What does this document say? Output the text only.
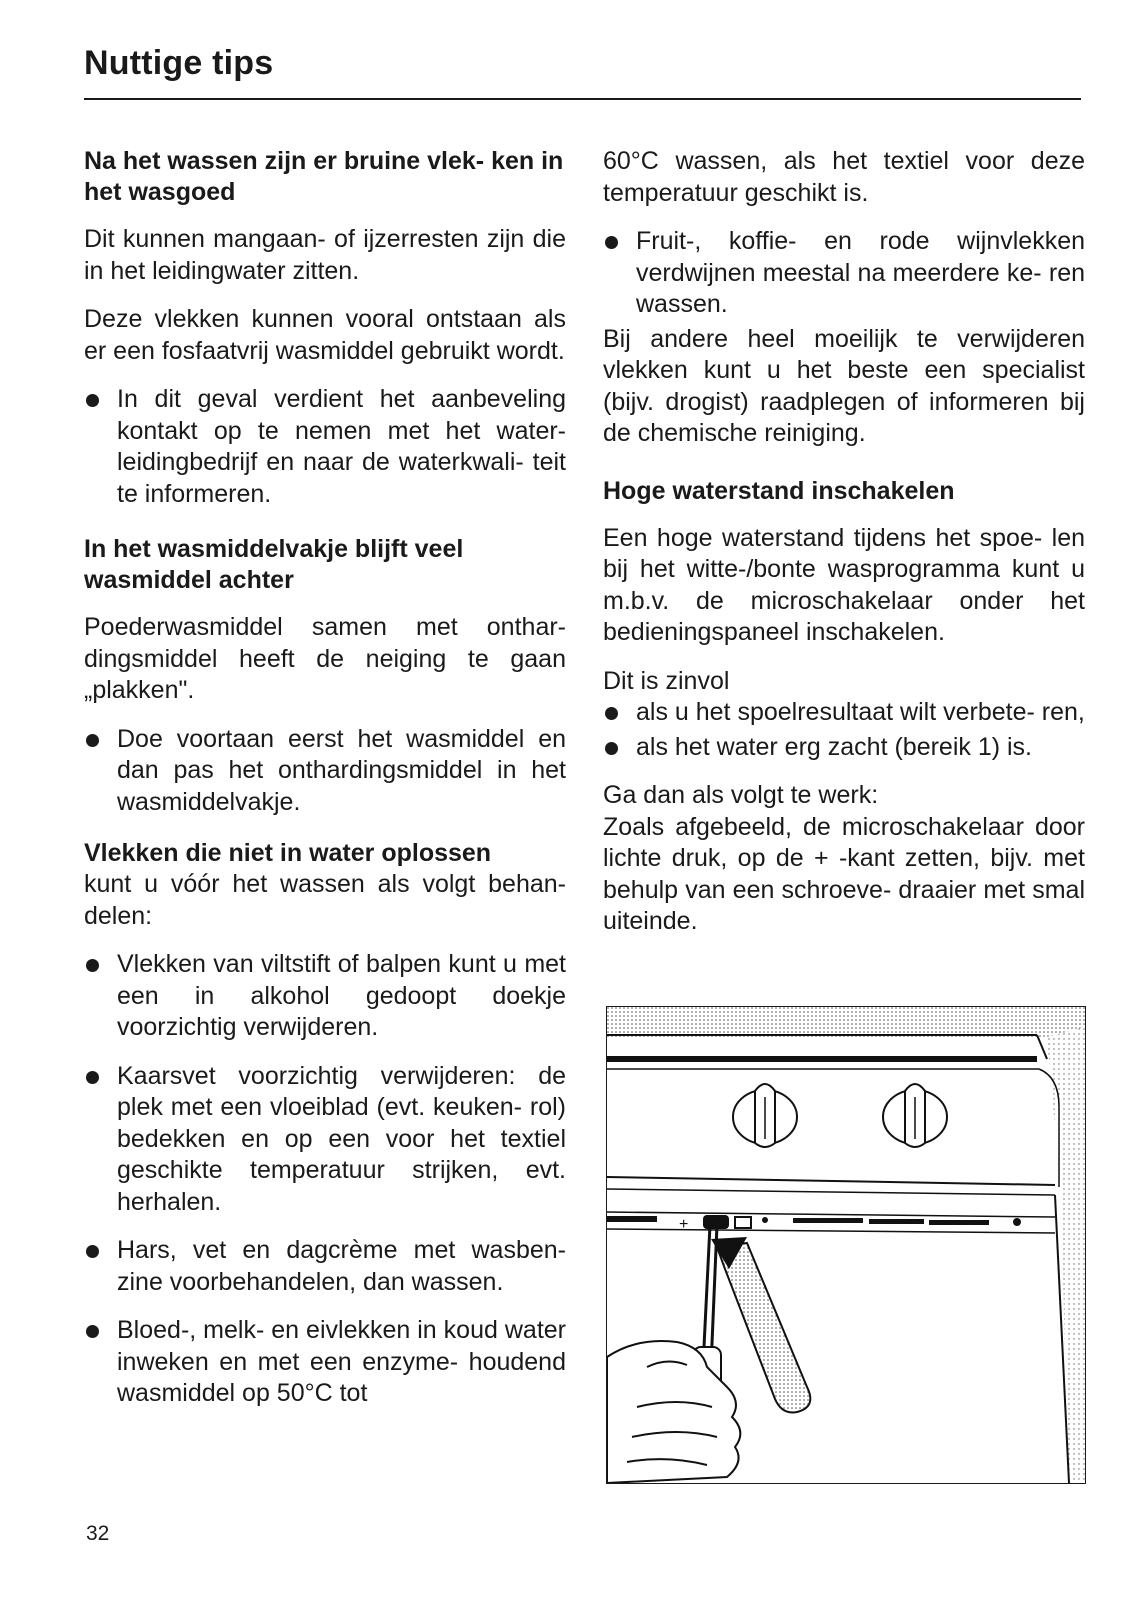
Nuttige tips
Na het wassen zijn er bruine vlek- ken in het wasgoed

Dit kunnen mangaan- of ijzerresten zijn die in het leidingwater zitten.

Deze vlekken kunnen vooral ontstaan als er een fosfaatvrij wasmiddel gebruikt wordt.

In dit geval verdient het aanbeveling kontakt op te nemen met het water- leidingbedrijf en naar de waterkwali- teit te informeren.
In het wasmiddelvakje blijft veel wasmiddel achter

Poederwasmiddel samen met onthar- dingsmiddel heeft de neiging te gaan „plakken".

Doe voortaan eerst het wasmiddel en dan pas het onthardingsmiddel in het wasmiddelvakje.
Vlekken die niet in water oplossen

kunt u vóór het wassen als volgt behan- delen:

Vlekken van viltstift of balpen kunt u met een in alkohol gedoopt doekje voorzichtig verwijderen.
Kaarsvet voorzichtig verwijderen: de plek met een vloeiblad (evt. keuken- rol) bedekken en op een voor het textiel geschikte temperatuur strijken, evt. herhalen.
Hars, vet en dagcrème met wasben- zine voorbehandelen, dan wassen.
Bloed-, melk- en eivlekken in koud water inweken en met een enzyme- houdend wasmiddel op 50°C tot

60°C wassen, als het textiel voor deze temperatuur geschikt is.

Fruit-, koffie- en rode wijnvlekken verdwijnen meestal na meerdere ke- ren wassen.

Bij andere heel moeilijk te verwijderen vlekken kunt u het beste een specialist (bijv. drogist) raadplegen of informeren bij de chemische reiniging.

Hoge waterstand inschakelen

Een hoge waterstand tijdens het spoe- len bij het witte-/bonte wasprogramma kunt u m.b.v. de microschakelaar onder het bedieningspaneel inschakelen.

Dit is zinvol

als u het spoelresultaat wilt verbete- ren,
als het water erg zacht (bereik 1) is.

Ga dan als volgt te werk:

Zoals afgebeeld, de microschakelaar door lichte druk, op de + -kant zetten, bijv. met behulp van een schroeve- draaier met smal uiteinde.

+
32
